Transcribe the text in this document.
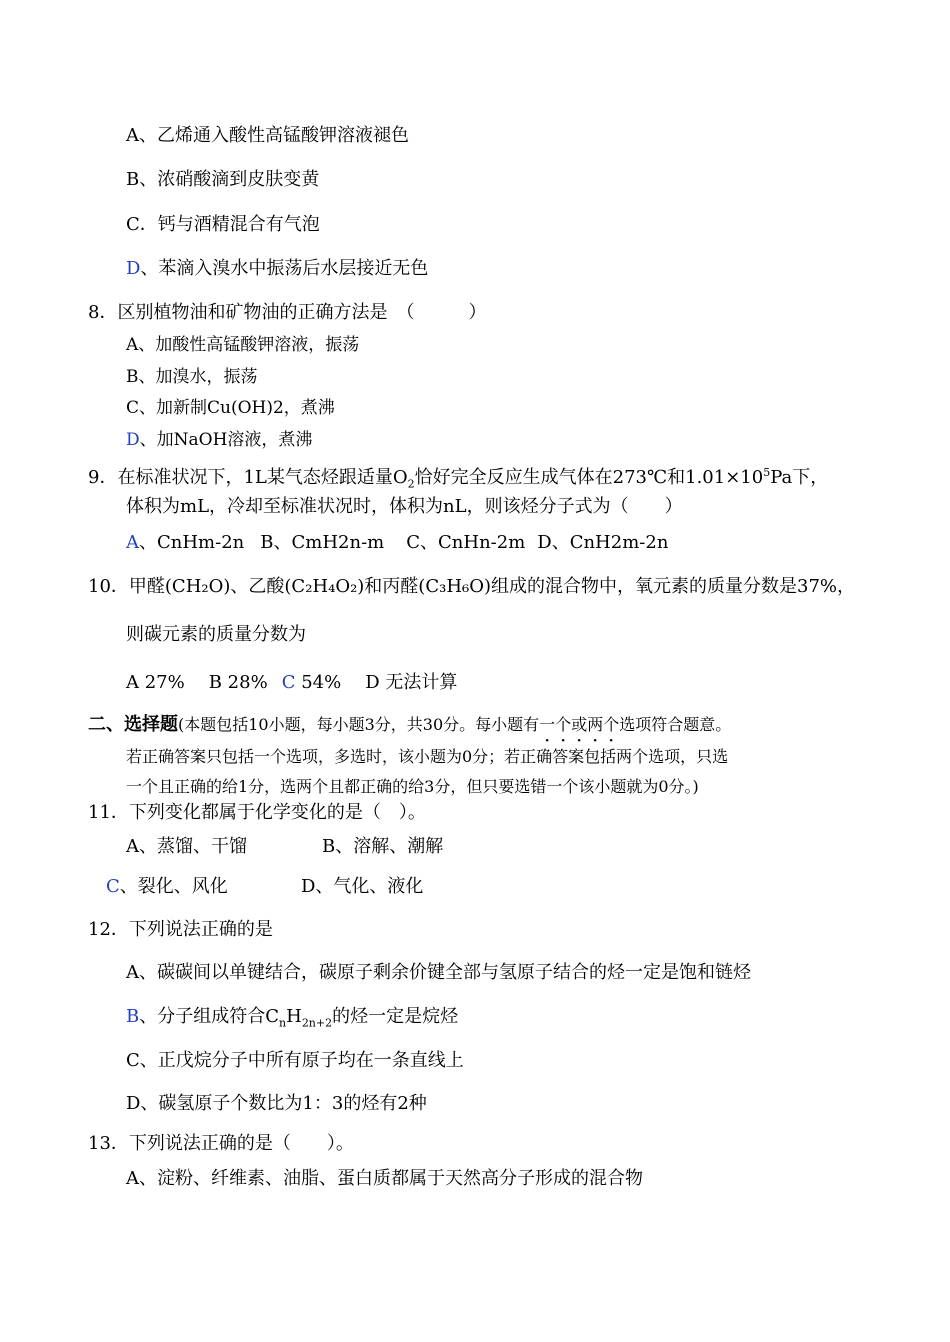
A、乙烯通入酸性高锰酸钾溶液褪色
B、浓硝酸滴到皮肤变黄
C．钙与酒精混合有气泡
D、苯滴入溴水中振荡后水层接近无色
8．区别植物油和矿物油的正确方法是　（　　　）
A、加酸性高锰酸钾溶液，振荡
B、加溴水，振荡
C、加新制Cu(OH)2，煮沸
D、加NaOH溶液，煮沸
9．在标准状况下，1L某气态烃跟适量$O_2$恰好完全反应生成气体在273℃和$1.01\times 10^5Pa$下，
体积为mL，冷却至标准状况时，体积为nL，则该烃分子式为（　　）
A、CnHm-2n B、CmH2n-m C、CnHn-2m D、CnH2m-2n
10．甲醛(CH₂O)、乙酸(C₂H₄O₂)和丙醛(C₃H₆O)组成的混合物中，氧元素的质量分数是37%，
则碳元素的质量分数为
A 27% B 28% C 54% D 无法计算
二、选择题(本题包括10小题，每小题3分，共30分。每小题有一个或两个选项符合题意。
若正确答案只包括一个选项，多选时，该小题为0分；若正确答案包括两个选项，只选
一个且正确的给1分，选两个且都正确的给3分，但只要选错一个该小题就为0分。)
11．下列变化都属于化学变化的是（　）。
A、蒸馏、干馏	B、溶解、潮解
C、裂化、风化	D、气化、液化
12．下列说法正确的是
A、碳碳间以单键结合，碳原子剩余价键全部与氢原子结合的烃一定是饱和链烃
B、分子组成符合$C_nH_{2n+2}$的烃一定是烷烃
C、正戊烷分子中所有原子均在一条直线上
D、碳氢原子个数比为1：3的烃有2种
13．下列说法正确的是（　　）。
A、淀粉、纤维素、油脂、蛋白质都属于天然高分子形成的混合物
